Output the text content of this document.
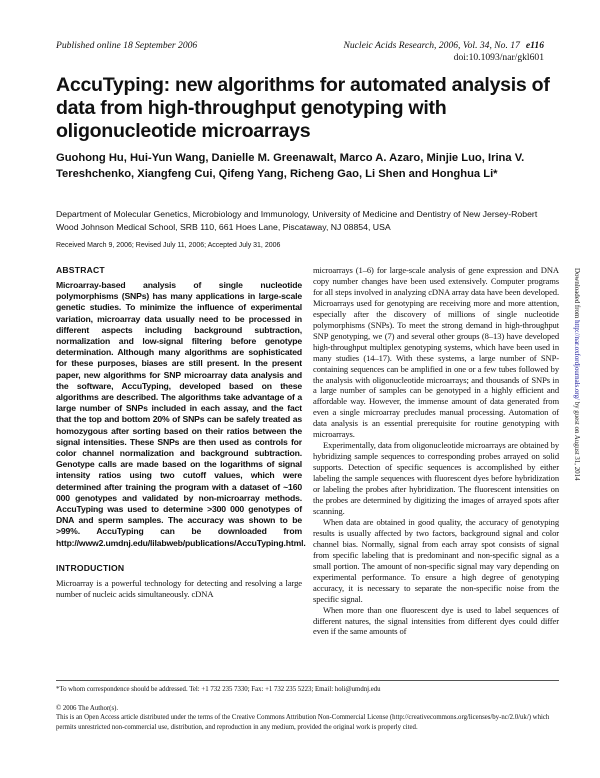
Published online 18 September 2006	Nucleic Acids Research, 2006, Vol. 34, No. 17 e116
doi:10.1093/nar/gkl601
AccuTyping: new algorithms for automated analysis of data from high-throughput genotyping with oligonucleotide microarrays
Guohong Hu, Hui-Yun Wang, Danielle M. Greenawalt, Marco A. Azaro, Minjie Luo, Irina V. Tereshchenko, Xiangfeng Cui, Qifeng Yang, Richeng Gao, Li Shen and Honghua Li*
Department of Molecular Genetics, Microbiology and Immunology, University of Medicine and Dentistry of New Jersey-Robert Wood Johnson Medical School, SRB 110, 661 Hoes Lane, Piscataway, NJ 08854, USA
Received March 9, 2006; Revised July 11, 2006; Accepted July 31, 2006
ABSTRACT

Microarray-based analysis of single nucleotide polymorphisms (SNPs) has many applications in large-scale genetic studies. To minimize the influence of experimental variation, microarray data usually need to be processed in different aspects including background subtraction, normalization and low-signal filtering before genotype determination. Although many algorithms are sophisticated for these purposes, biases are still present. In the present paper, new algorithms for SNP microarray data analysis and the software, AccuTyping, developed based on these algorithms are described. The algorithms take advantage of a large number of SNPs included in each assay, and the fact that the top and bottom 20% of SNPs can be safely treated as homozygous after sorting based on their ratios between the signal intensities. These SNPs are then used as controls for color channel normalization and background subtraction. Genotype calls are made based on the logarithms of signal intensity ratios using two cutoff values, which were determined after training the program with a dataset of ~160 000 genotypes and validated by non-microarray methods. AccuTyping was used to determine >300 000 genotypes of DNA and sperm samples. The accuracy was shown to be >99%. AccuTyping can be downloaded from http://www2.umdnj.edu/lilabweb/publications/AccuTyping.html.

INTRODUCTION

Microarray is a powerful technology for detecting and resolving a large number of nucleic acids simultaneously. cDNA

microarrays (1–6) for large-scale analysis of gene expression and DNA copy number changes have been used extensively. Computer programs for all steps involved in analyzing cDNA array data have been developed. Microarrays used for genotyping are receiving more and more attention, especially after the discovery of millions of single nucleotide polymorphisms (SNPs). To meet the strong demand in high-throughput SNP genotyping, we (7) and several other groups (8–13) have developed high-throughput multiplex genotyping systems, which have been used in many studies (14–17). With these systems, a large number of SNP-containing sequences can be amplified in one or a few tubes followed by the analysis with oligonucleotide microarrays; and thousands of SNPs in a large number of samples can be genotyped in a highly efficient and affordable way. However, the immense amount of data generated from even a single microarray precludes manual processing. Automation of data analysis is an essential prerequisite for routine genotyping with microarrays.

Experimentally, data from oligonucleotide microarrays are obtained by hybridizing sample sequences to corresponding probes arrayed on solid supports. Detection of specific sequences is accomplished by either labeling the sample sequences with fluorescent dyes before hybridization or labeling the probes after hybridization. The fluorescent intensities on the probes are determined by digitizing the images of arrayed spots after scanning.

When data are obtained in good quality, the accuracy of genotyping results is usually affected by two factors, background signal and color channel bias. Normally, signal from each array spot consists of signal from specific labeling that is predominant and non-specific signal as a small portion. The amount of non-specific signal may vary depending on experimental performance. To ensure a high degree of genotyping accuracy, it is necessary to separate the non-specific noise from the specific signal.

When more than one fluorescent dye is used to label sequences of different natures, the signal intensities from different dyes could differ even if the same amounts of

Downloaded from http://nar.oxfordjournals.org/ by guest on August 31, 2014
*To whom correspondence should be addressed. Tel: +1 732 235 7330; Fax: +1 732 235 5223; Email: holi@umdnj.edu
© 2006 The Author(s).
This is an Open Access article distributed under the terms of the Creative Commons Attribution Non-Commercial License (http://creativecommons.org/licenses/by-nc/2.0/uk/) which permits unrestricted non-commercial use, distribution, and reproduction in any medium, provided the original work is properly cited.
